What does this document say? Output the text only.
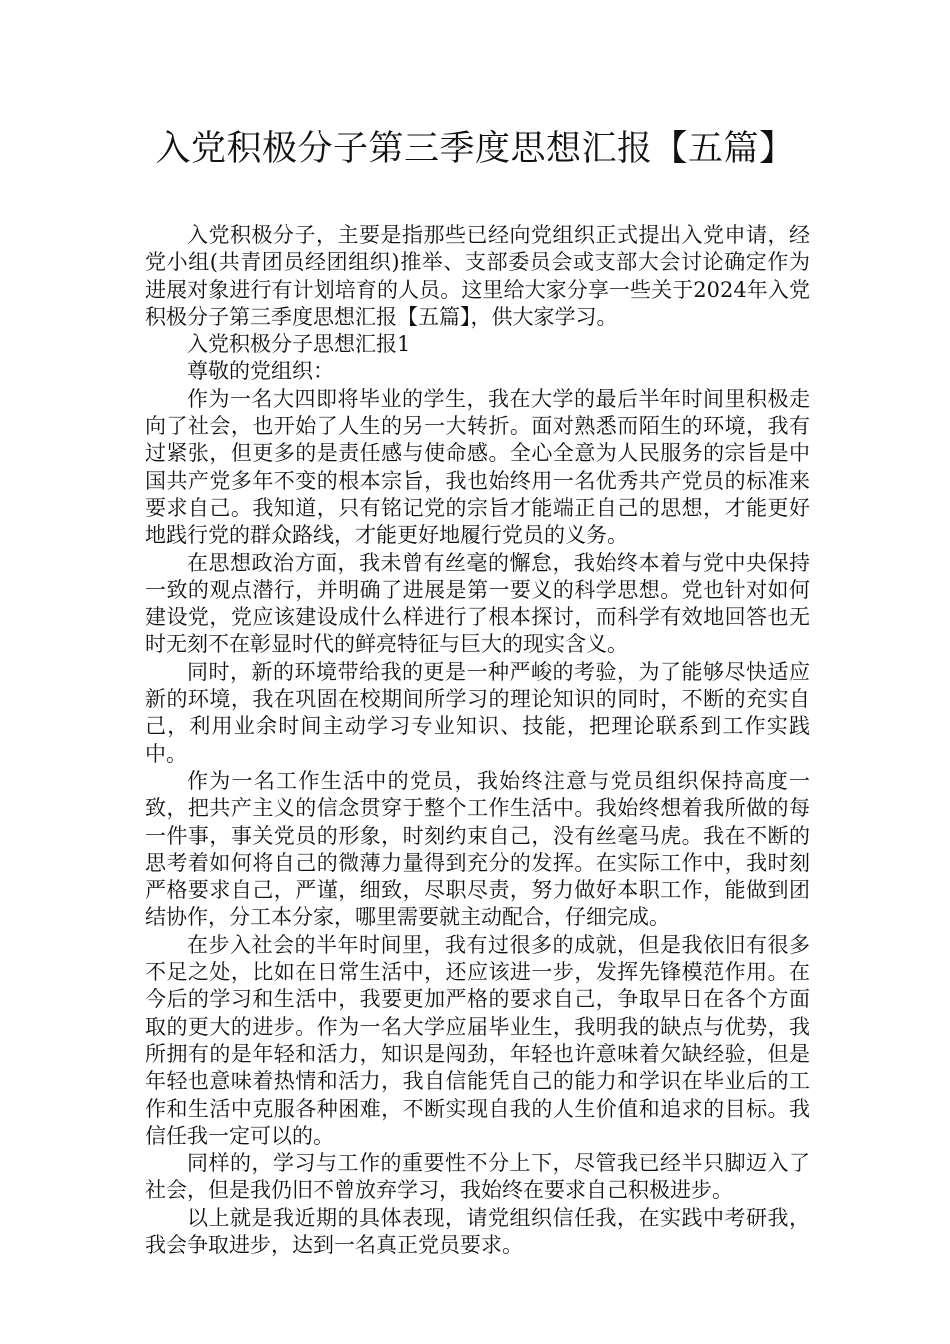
入党积极分子第三季度思想汇报【五篇】

入党积极分子，主要是指那些已经向党组织正式提出入党申请，经党小组(共青团员经团组织)推举、支部委员会或支部大会讨论确定作为进展对象进行有计划培育的人员。这里给大家分享一些关于2024年入党积极分子第三季度思想汇报【五篇】，供大家学习。

入党积极分子思想汇报1

尊敬的党组织：

作为一名大四即将毕业的学生，我在大学的最后半年时间里积极走向了社会，也开始了人生的另一大转折。面对熟悉而陌生的环境，我有过紧张，但更多的是责任感与使命感。全心全意为人民服务的宗旨是中国共产党多年不变的根本宗旨，我也始终用一名优秀共产党员的标准来要求自己。我知道，只有铭记党的宗旨才能端正自己的思想，才能更好地践行党的群众路线，才能更好地履行党员的义务。

在思想政治方面，我未曾有丝毫的懈怠，我始终本着与党中央保持一致的观点潜行，并明确了进展是第一要义的科学思想。党也针对如何建设党，党应该建设成什么样进行了根本探讨，而科学有效地回答也无时无刻不在彰显时代的鲜亮特征与巨大的现实含义。

同时，新的环境带给我的更是一种严峻的考验，为了能够尽快适应新的环境，我在巩固在校期间所学习的理论知识的同时，不断的充实自己，利用业余时间主动学习专业知识、技能，把理论联系到工作实践中。

作为一名工作生活中的党员，我始终注意与党员组织保持高度一致，把共产主义的信念贯穿于整个工作生活中。我始终想着我所做的每一件事，事关党员的形象，时刻约束自己，没有丝毫马虎。我在不断的思考着如何将自己的微薄力量得到充分的发挥。在实际工作中，我时刻严格要求自己，严谨，细致，尽职尽责，努力做好本职工作，能做到团结协作，分工本分家，哪里需要就主动配合，仔细完成。

在步入社会的半年时间里，我有过很多的成就，但是我依旧有很多不足之处，比如在日常生活中，还应该进一步，发挥先锋模范作用。在今后的学习和生活中，我要更加严格的要求自己，争取早日在各个方面取的更大的进步。作为一名大学应届毕业生，我明我的缺点与优势，我所拥有的是年轻和活力，知识是闯劲，年轻也许意味着欠缺经验，但是年轻也意味着热情和活力，我自信能凭自己的能力和学识在毕业后的工作和生活中克服各种困难，不断实现自我的人生价值和追求的目标。我信任我一定可以的。

同样的，学习与工作的重要性不分上下，尽管我已经半只脚迈入了社会，但是我仍旧不曾放弃学习，我始终在要求自己积极进步。

以上就是我近期的具体表现，请党组织信任我，在实践中考研我，我会争取进步，达到一名真正党员要求。
